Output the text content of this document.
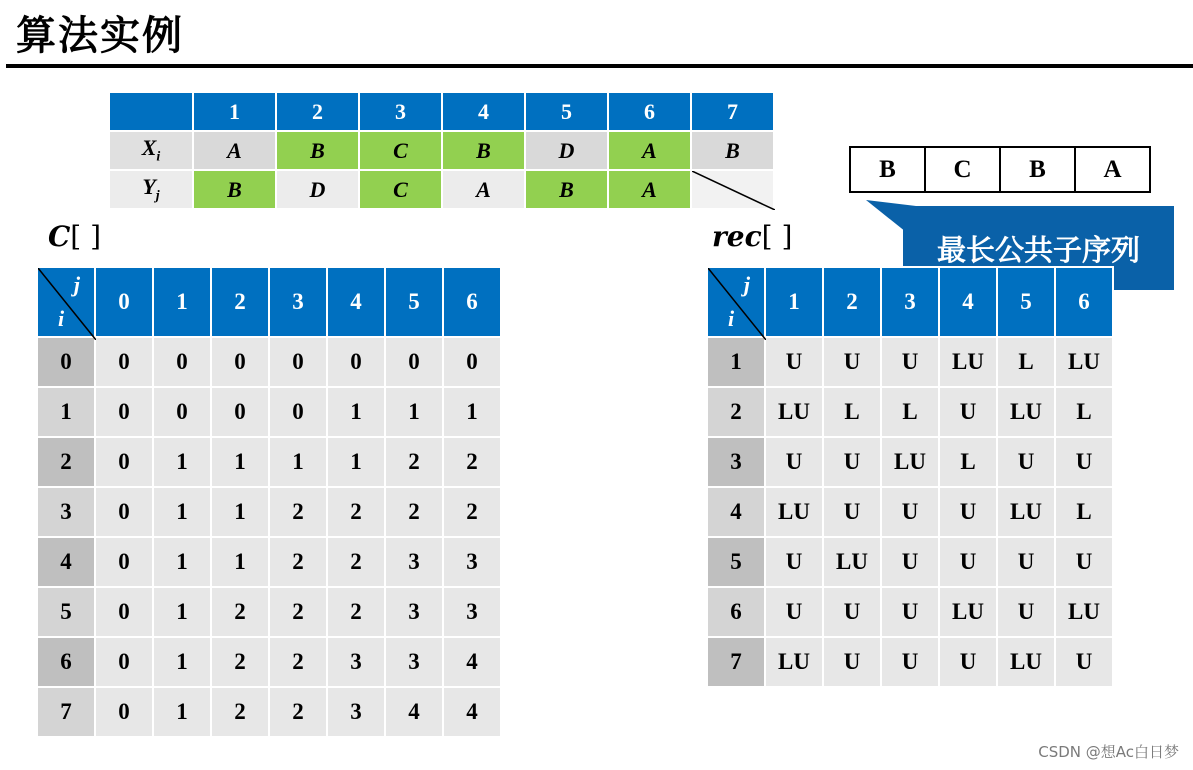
算法实例
	1	2	3	4	5	6	7
$X_i$	A	B	C	B	D	A	B
$Y_j$	B	D	C	A	B	A	
B	C	B	A
最长公共子序列
C[ ]
j
i	0	1	2	3	4	5	6
0	0	0	0	0	0	0	0
1	0	0	0	0	1	1	1
2	0	1	1	1	1	2	2
3	0	1	1	2	2	2	2
4	0	1	1	2	2	3	3
5	0	1	2	2	2	3	3
6	0	1	2	2	3	3	4
7	0	1	2	2	3	4	4
rec[ ]
j
i	1	2	3	4	5	6
1	U	U	U	LU	L	LU
2	LU	L	L	U	LU	L
3	U	U	LU	L	U	U
4	LU	U	U	U	LU	L
5	U	LU	U	U	U	U
6	U	U	U	LU	U	LU
7	LU	U	U	U	LU	U
CSDN @想Ac白日梦
